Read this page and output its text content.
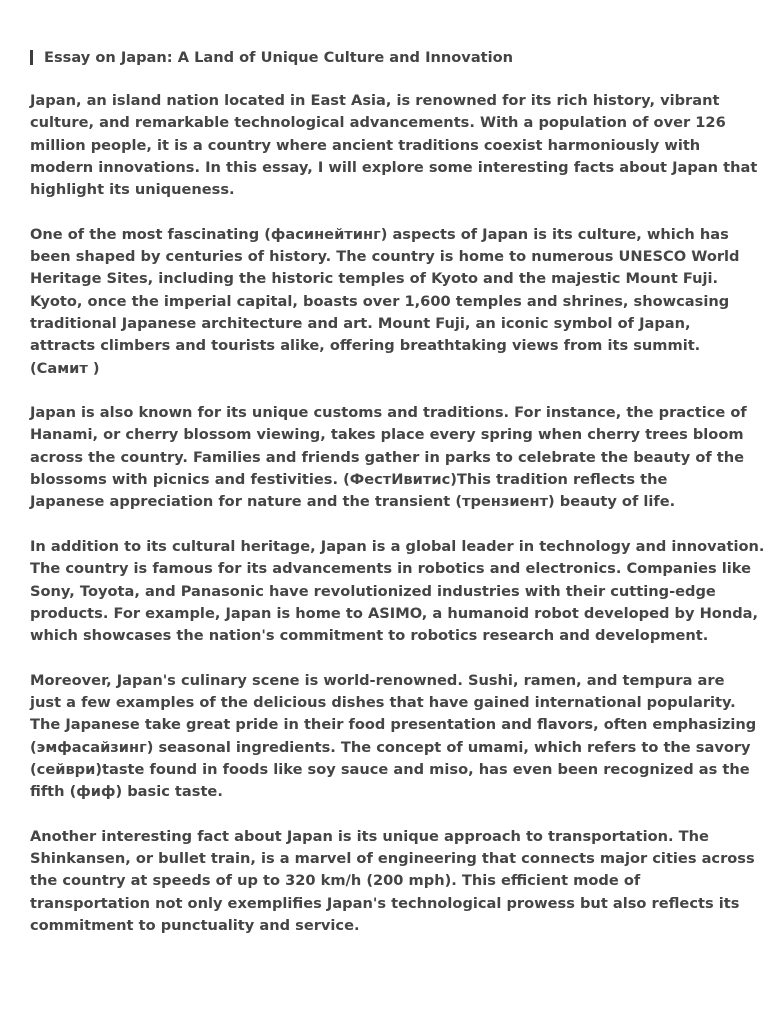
Essay on Japan: A Land of Unique Culture and Innovation
Japan, an island nation located in East Asia, is renowned for its rich history, vibrant
culture, and remarkable technological advancements. With a population of over 126
million people, it is a country where ancient traditions coexist harmoniously with
modern innovations. In this essay, I will explore some interesting facts about Japan that
highlight its uniqueness.
One of the most fascinating (фасинейтинг) aspects of Japan is its culture, which has
been shaped by centuries of history. The country is home to numerous UNESCO World
Heritage Sites, including the historic temples of Kyoto and the majestic Mount Fuji.
Kyoto, once the imperial capital, boasts over 1,600 temples and shrines, showcasing
traditional Japanese architecture and art. Mount Fuji, an iconic symbol of Japan,
attracts climbers and tourists alike, offering breathtaking views from its summit.
(Самит )
Japan is also known for its unique customs and traditions. For instance, the practice of
Hanami, or cherry blossom viewing, takes place every spring when cherry trees bloom
across the country. Families and friends gather in parks to celebrate the beauty of the
blossoms with picnics and festivities. (ФестИвитис)This tradition reflects the
Japanese appreciation for nature and the transient (трензиент) beauty of life.
In addition to its cultural heritage, Japan is a global leader in technology and innovation.
The country is famous for its advancements in robotics and electronics. Companies like
Sony, Toyota, and Panasonic have revolutionized industries with their cutting-edge
products. For example, Japan is home to ASIMO, a humanoid robot developed by Honda,
which showcases the nation's commitment to robotics research and development.
Moreover, Japan's culinary scene is world-renowned. Sushi, ramen, and tempura are
just a few examples of the delicious dishes that have gained international popularity.
The Japanese take great pride in their food presentation and flavors, often emphasizing
(эмфасайзинг) seasonal ingredients. The concept of umami, which refers to the savory
(сейври)taste found in foods like soy sauce and miso, has even been recognized as the
fifth (фиф) basic taste.
Another interesting fact about Japan is its unique approach to transportation. The
Shinkansen, or bullet train, is a marvel of engineering that connects major cities across
the country at speeds of up to 320 km/h (200 mph). This efficient mode of
transportation not only exemplifies Japan's technological prowess but also reflects its
commitment to punctuality and service.
